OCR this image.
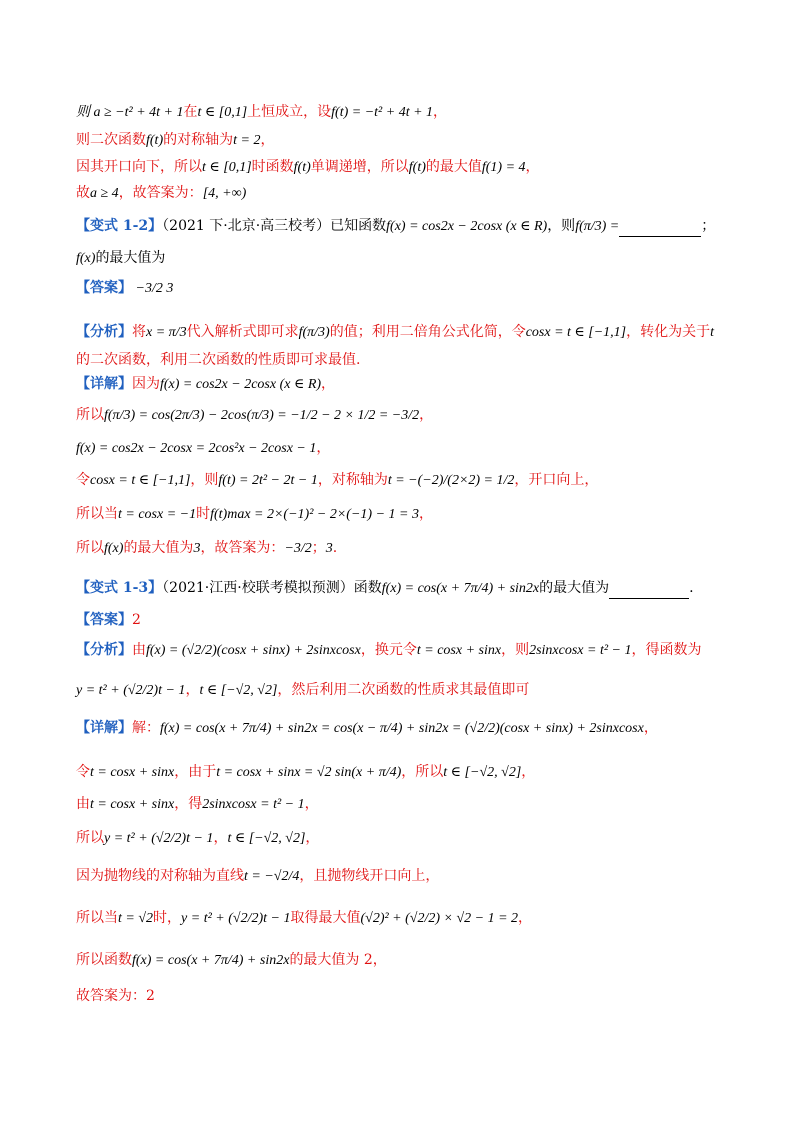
则 a ≥ −t² + 4t + 1在t ∈ [0,1]上恒成立，设f(t) = −t² + 4t + 1，
则二次函数f(t)的对称轴为t = 2，
因其开口向下，所以t ∈ [0,1]时函数f(t)单调递增，所以f(t)的最大值f(1) = 4，
故a ≥ 4，故答案为：[4, +∞)
【变式 1-2】（2021 下·北京·高三校考）已知函数f(x) = cos2x − 2cosx (x ∈ R)，则f(π/3) =	；
f(x)的最大值为
【答案】 −3/2 3
【分析】将x = π/3代入解析式即可求f(π/3)的值；利用二倍角公式化简，令cosx = t ∈ [−1,1]，转化为关于t
的二次函数，利用二次函数的性质即可求最值.
【详解】因为f(x) = cos2x − 2cosx (x ∈ R)，
所以f(π/3) = cos(2π/3) − 2cos(π/3) = −1/2 − 2 × 1/2 = −3/2，
f(x) = cos2x − 2cosx = 2cos²x − 2cosx − 1，
令cosx = t ∈ [−1,1]，则f(t) = 2t² − 2t − 1，对称轴为t = −(−2)/(2×2) = 1/2，开口向上，
所以当t = cosx = −1时f(t)max = 2×(−1)² − 2×(−1) − 1 = 3，
所以f(x)的最大值为3，故答案为：−3/2；3.
【变式 1-3】（2021·江西·校联考模拟预测）函数f(x) = cos(x + 7π/4) + sin2x的最大值为	.
【答案】2
【分析】由f(x) = (√2/2)(cosx + sinx) + 2sinxcosx，换元令t = cosx + sinx，则2sinxcosx = t² − 1，得函数为
y = t² + (√2/2)t − 1，t ∈ [−√2, √2]，然后利用二次函数的性质求其最值即可
【详解】解：f(x) = cos(x + 7π/4) + sin2x = cos(x − π/4) + sin2x = (√2/2)(cosx + sinx) + 2sinxcosx，
令t = cosx + sinx，由于t = cosx + sinx = √2 sin(x + π/4)，所以t ∈ [−√2, √2]，
由t = cosx + sinx，得2sinxcosx = t² − 1，
所以y = t² + (√2/2)t − 1，t ∈ [−√2, √2]，
因为抛物线的对称轴为直线t = −√2/4，且抛物线开口向上，
所以当t = √2时，y = t² + (√2/2)t − 1取得最大值(√2)² + (√2/2) × √2 − 1 = 2，
所以函数f(x) = cos(x + 7π/4) + sin2x的最大值为 2，
故答案为：2
